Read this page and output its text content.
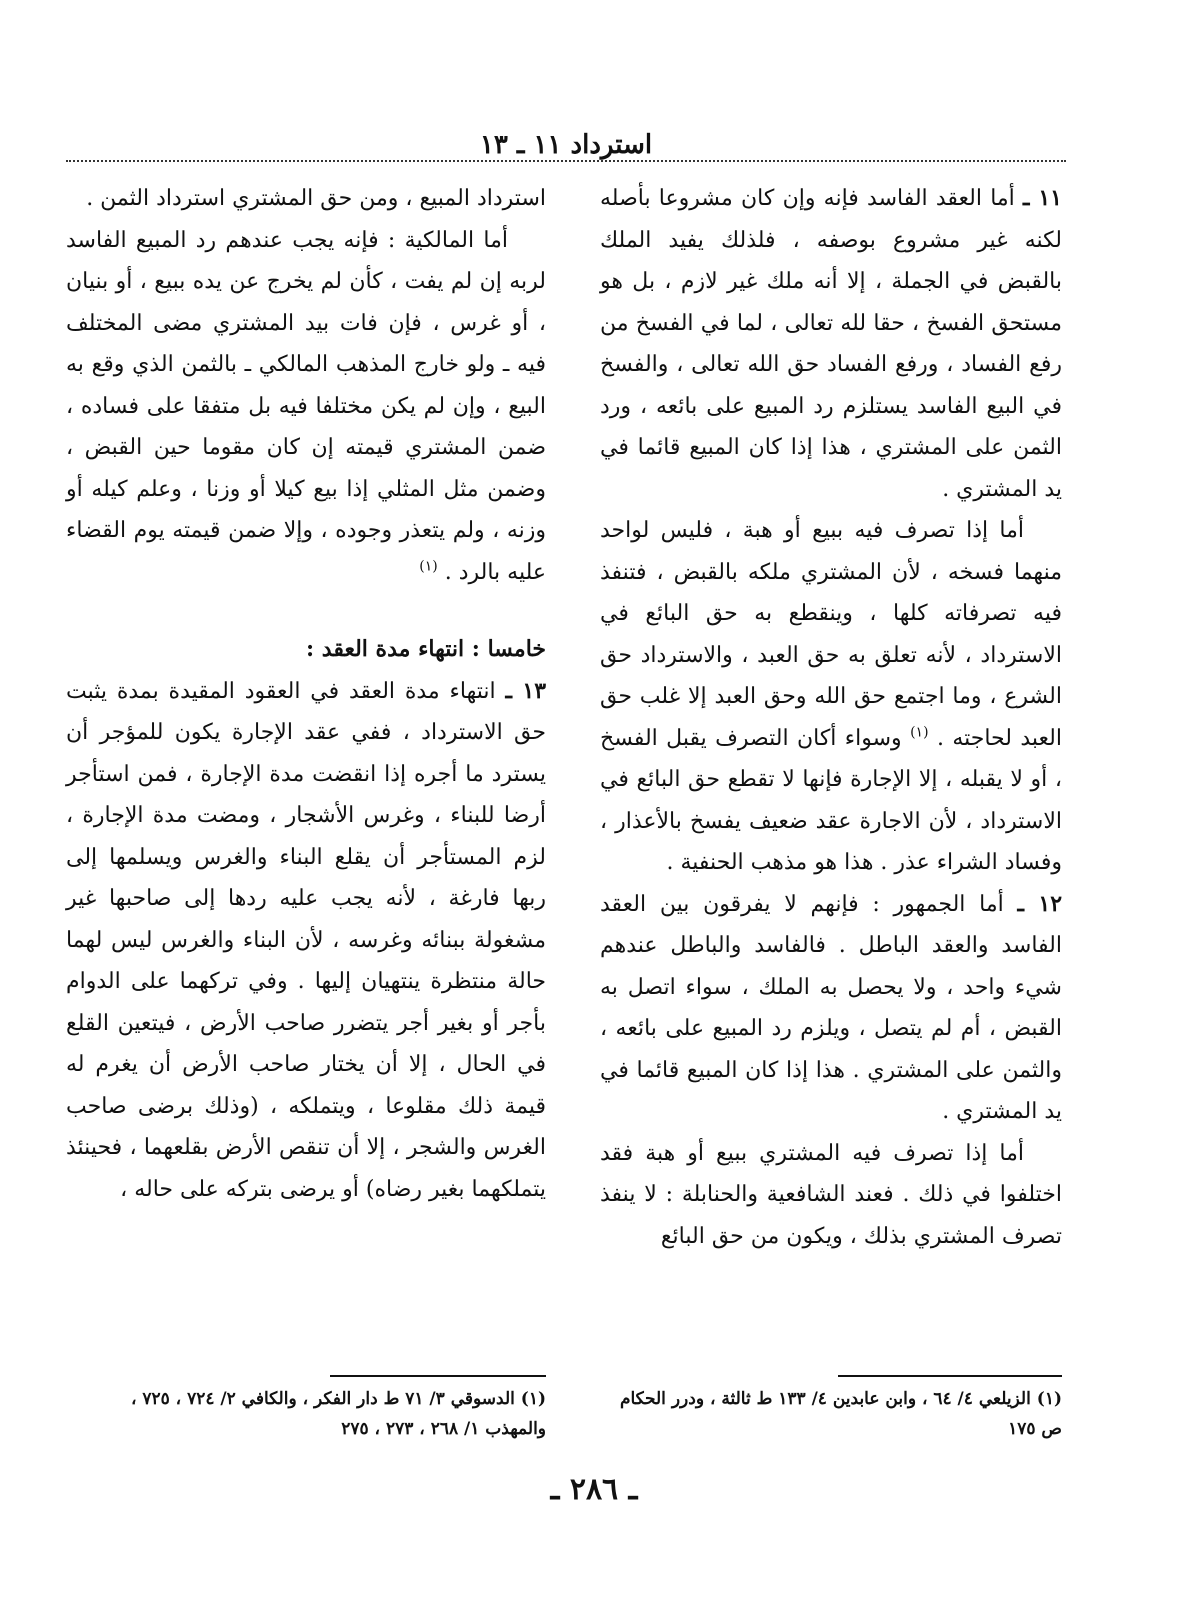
استرداد ١١ ـ ١٣

١١ ـ أما العقد الفاسد فإنه وإن كان مشروعا بأصله لكنه غير مشروع بوصفه ، فلذلك يفيد الملك بالقبض في الجملة ، إلا أنه ملك غير لازم ، بل هو مستحق الفسخ ، حقا لله تعالى ، لما في الفسخ من رفع الفساد ، ورفع الفساد حق الله تعالى ، والفسخ في البيع الفاسد يستلزم رد المبيع على بائعه ، ورد الثمن على المشتري ، هذا إذا كان المبيع قائما في يد المشتري .

أما إذا تصرف فيه ببيع أو هبة ، فليس لواحد منهما فسخه ، لأن المشتري ملكه بالقبض ، فتنفذ فيه تصرفاته كلها ، وينقطع به حق البائع في الاسترداد ، لأنه تعلق به حق العبد ، والاسترداد حق الشرع ، وما اجتمع حق الله وحق العبد إلا غلب حق العبد لحاجته . $^{(١)}$ وسواء أكان التصرف يقبل الفسخ ، أو لا يقبله ، إلا الإجارة فإنها لا تقطع حق البائع في الاسترداد ، لأن الاجارة عقد ضعيف يفسخ بالأعذار ، وفساد الشراء عذر . هذا هو مذهب الحنفية .

١٢ ـ أما الجمهور : فإنهم لا يفرقون بين العقد الفاسد والعقد الباطل . فالفاسد والباطل عندهم شيء واحد ، ولا يحصل به الملك ، سواء اتصل به القبض ، أم لم يتصل ، ويلزم رد المبيع على بائعه ، والثمن على المشتري . هذا إذا كان المبيع قائما في يد المشتري .

أما إذا تصرف فيه المشتري ببيع أو هبة فقد اختلفوا في ذلك . فعند الشافعية والحنابلة : لا ينفذ تصرف المشتري بذلك ، ويكون من حق البائع

استرداد المبيع ، ومن حق المشتري استرداد الثمن .

أما المالكية : فإنه يجب عندهم رد المبيع الفاسد لربه إن لم يفت ، كأن لم يخرج عن يده ببيع ، أو بنيان ، أو غرس ، فإن فات بيد المشتري مضى المختلف فيه ـ ولو خارج المذهب المالكي ـ بالثمن الذي وقع به البيع ، وإن لم يكن مختلفا فيه بل متفقا على فساده ، ضمن المشتري قيمته إن كان مقوما حين القبض ، وضمن مثل المثلي إذا بيع كيلا أو وزنا ، وعلم كيله أو وزنه ، ولم يتعذر وجوده ، وإلا ضمن قيمته يوم القضاء عليه بالرد . $^{(١)}$

خامسا : انتهاء مدة العقد :

١٣ ـ انتهاء مدة العقد في العقود المقيدة بمدة يثبت حق الاسترداد ، ففي عقد الإجارة يكون للمؤجر أن يسترد ما أجره إذا انقضت مدة الإجارة ، فمن استأجر أرضا للبناء ، وغرس الأشجار ، ومضت مدة الإجارة ، لزم المستأجر أن يقلع البناء والغرس ويسلمها إلى ربها فارغة ، لأنه يجب عليه ردها إلى صاحبها غير مشغولة ببنائه وغرسه ، لأن البناء والغرس ليس لهما حالة منتظرة ينتهيان إليها . وفي تركهما على الدوام بأجر أو بغير أجر يتضرر صاحب الأرض ، فيتعين القلع في الحال ، إلا أن يختار صاحب الأرض أن يغرم له قيمة ذلك مقلوعا ، ويتملكه ، (وذلك برضى صاحب الغرس والشجر ، إلا أن تنقص الأرض بقلعهما ، فحينئذ يتملكهما بغير رضاه) أو يرضى بتركه على حاله ،

(١) الزيلعي ٤/ ٦٤ ، وابن عابدين ٤/ ١٣٣ ط ثالثة ، ودرر الحكام ص ١٧٥
(١) الدسوقي ٣/ ٧١ ط دار الفكر ، والكافي ٢/ ٧٢٤ ، ٧٢٥ ، والمهذب ١/ ٢٦٨ ، ٢٧٣ ، ٢٧٥
ـ ٢٨٦ ـ
